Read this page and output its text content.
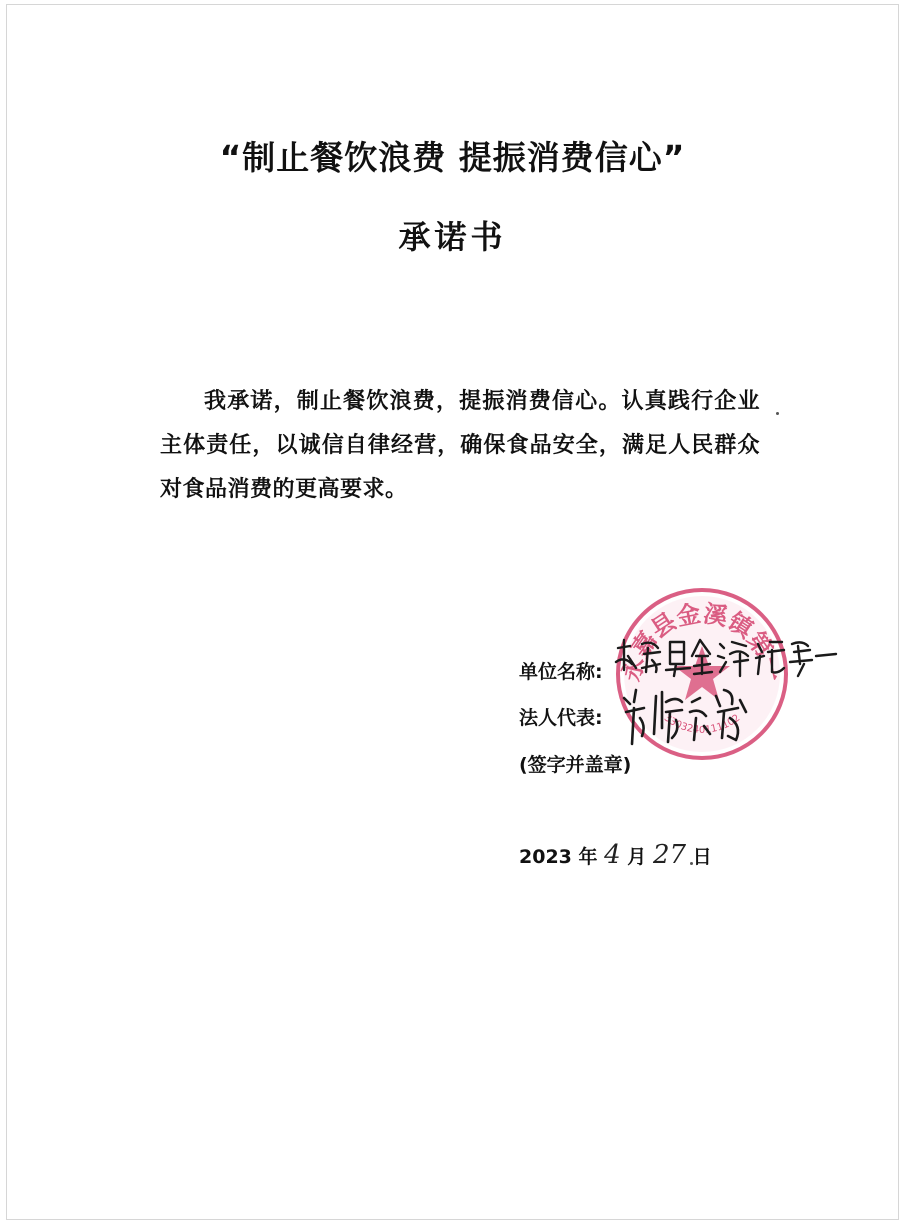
“制止餐饮浪费 提振消费信心”
承诺书
我承诺，制止餐饮浪费，提振消费信心。认真践行企业主体责任，以诚信自律经营，确保食品安全，满足人民群众对食品消费的更高要求。
单位名称:
法人代表:
(签字并盖章)
2023 年 4 月 27 日
永嘉县金溪镇第一
3303240111102
